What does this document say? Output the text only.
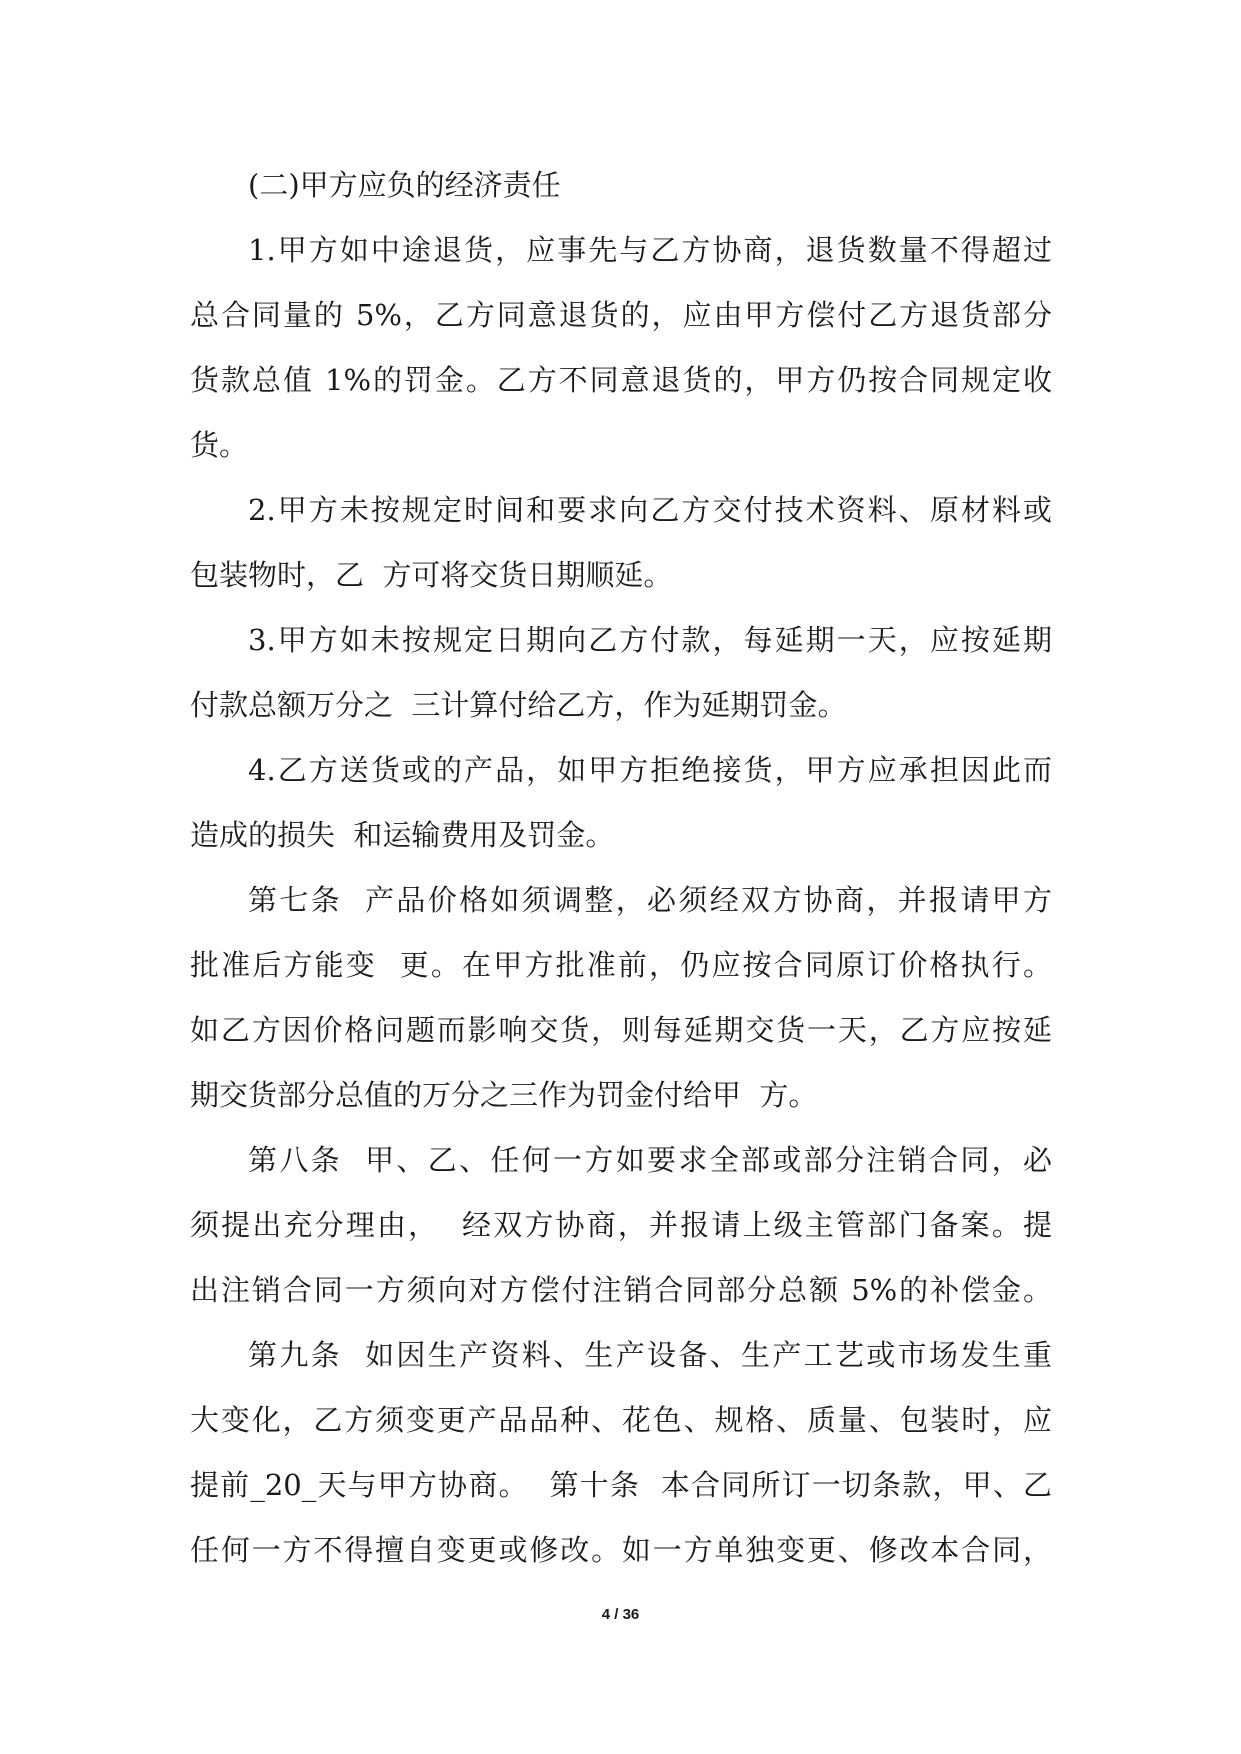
(二)甲方应负的经济责任
1.甲方如中途退货，应事先与乙方协商，退货数量不得超过
总合同量的 5%，乙方同意退货的，应由甲方偿付乙方退货部分
货款总值 1%的罚金。乙方不同意退货的，甲方仍按合同规定收
货。
2.甲方未按规定时间和要求向乙方交付技术资料、原材料或
包装物时，乙  方可将交货日期顺延。
3.甲方如未按规定日期向乙方付款，每延期一天，应按延期
付款总额万分之  三计算付给乙方，作为延期罚金。
4.乙方送货或的产品，如甲方拒绝接货，甲方应承担因此而
造成的损失  和运输费用及罚金。
第七条  产品价格如须调整，必须经双方协商，并报请甲方
批准后方能变  更。在甲方批准前，仍应按合同原订价格执行。
如乙方因价格问题而影响交货，则每延期交货一天，乙方应按延
期交货部分总值的万分之三作为罚金付给甲  方。
第八条  甲、乙、任何一方如要求全部或部分注销合同，必
须提出充分理由，  经双方协商，并报请上级主管部门备案。提
出注销合同一方须向对方偿付注销合同部分总额 5%的补偿金。
第九条  如因生产资料、生产设备、生产工艺或市场发生重
大变化，乙方须变更产品品种、花色、规格、质量、包装时，应
提前_20_天与甲方协商。  第十条  本合同所订一切条款，甲、乙
任何一方不得擅自变更或修改。如一方单独变更、修改本合同，
4 / 36
